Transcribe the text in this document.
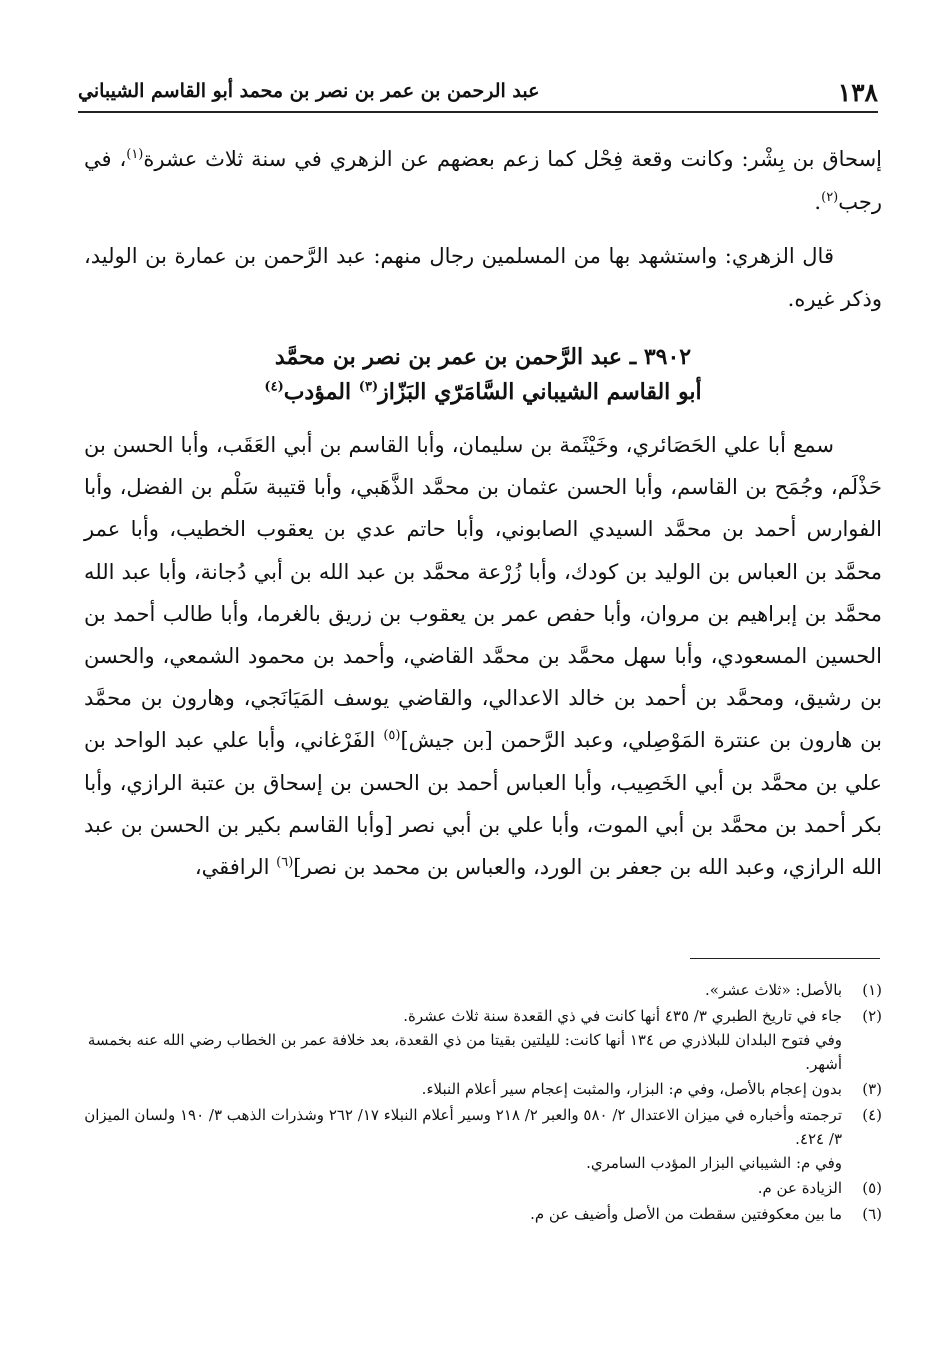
١٣٨
عبد الرحمن بن عمر بن نصر بن محمد أبو القاسم الشيباني

إسحاق بن بِشْر: وكانت وقعة فِحْل كما زعم بعضهم عن الزهري في سنة ثلاث عشرة$^{(١)}$، في رجب$^{(٢)}$.

قال الزهري: واستشهد بها من المسلمين رجال منهم: عبد الرَّحمن بن عمارة بن الوليد، وذكر غيره.

٣٩٠٢ ـ عبد الرَّحمن بن عمر بن نصر بن محمَّد
أبو القاسم الشيباني السَّامَرّي البَزّاز$^{(٣)}$ المؤدب$^{(٤)}$

سمع أبا علي الحَصَائري، وخَيْثَمة بن سليمان، وأبا القاسم بن أبي العَقَب، وأبا الحسن بن حَذْلَم، وجُمَح بن القاسم، وأبا الحسن عثمان بن محمَّد الذَّهَبي، وأبا قتيبة سَلْم بن الفضل، وأبا الفوارس أحمد بن محمَّد السيدي الصابوني، وأبا حاتم عدي بن يعقوب الخطيب، وأبا عمر محمَّد بن العباس بن الوليد بن كودك، وأبا زُرْعة محمَّد بن عبد الله بن أبي دُجانة، وأبا عبد الله محمَّد بن إبراهيم بن مروان، وأبا حفص عمر بن يعقوب بن زريق بالغرما، وأبا طالب أحمد بن الحسين المسعودي، وأبا سهل محمَّد بن محمَّد القاضي، وأحمد بن محمود الشمعي، والحسن بن رشيق، ومحمَّد بن أحمد بن خالد الاعدالي، والقاضي يوسف المَيَانَجي، وهارون بن محمَّد بن هارون بن عنترة المَوْصِلي، وعبد الرَّحمن [بن جيش]$^{(٥)}$ الفَرْغاني، وأبا علي عبد الواحد بن علي بن محمَّد بن أبي الخَصِيب، وأبا العباس أحمد بن الحسن بن إسحاق بن عتبة الرازي، وأبا بكر أحمد بن محمَّد بن أبي الموت، وأبا علي بن أبي نصر [وأبا القاسم بكير بن الحسن بن عبد الله الرازي، وعبد الله بن جعفر بن الورد، والعباس بن محمد بن نصر]$^{(٦)}$ الرافقي،

(١)
بالأصل: «ثلاث عشر».
(٢)
جاء في تاريخ الطبري ٣/ ٤٣٥ أنها كانت في ذي القعدة سنة ثلاث عشرة.
وفي فتوح البلدان للبلاذري ص ١٣٤ أنها كانت: لليلتين بقيتا من ذي القعدة، بعد خلافة عمر بن الخطاب رضي الله عنه بخمسة أشهر.
(٣)
بدون إعجام بالأصل، وفي م: البزار، والمثبت إعجام سير أعلام النبلاء.
(٤)
ترجمته وأخباره في ميزان الاعتدال ٢/ ٥٨٠ والعبر ٢/ ٢١٨ وسير أعلام النبلاء ١٧/ ٢٦٢ وشذرات الذهب ٣/ ١٩٠ ولسان الميزان ٣/ ٤٢٤.
وفي م: الشيباني البزار المؤدب السامري.
(٥)
الزيادة عن م.
(٦)
ما بين معكوفتين سقطت من الأصل وأضيف عن م.
